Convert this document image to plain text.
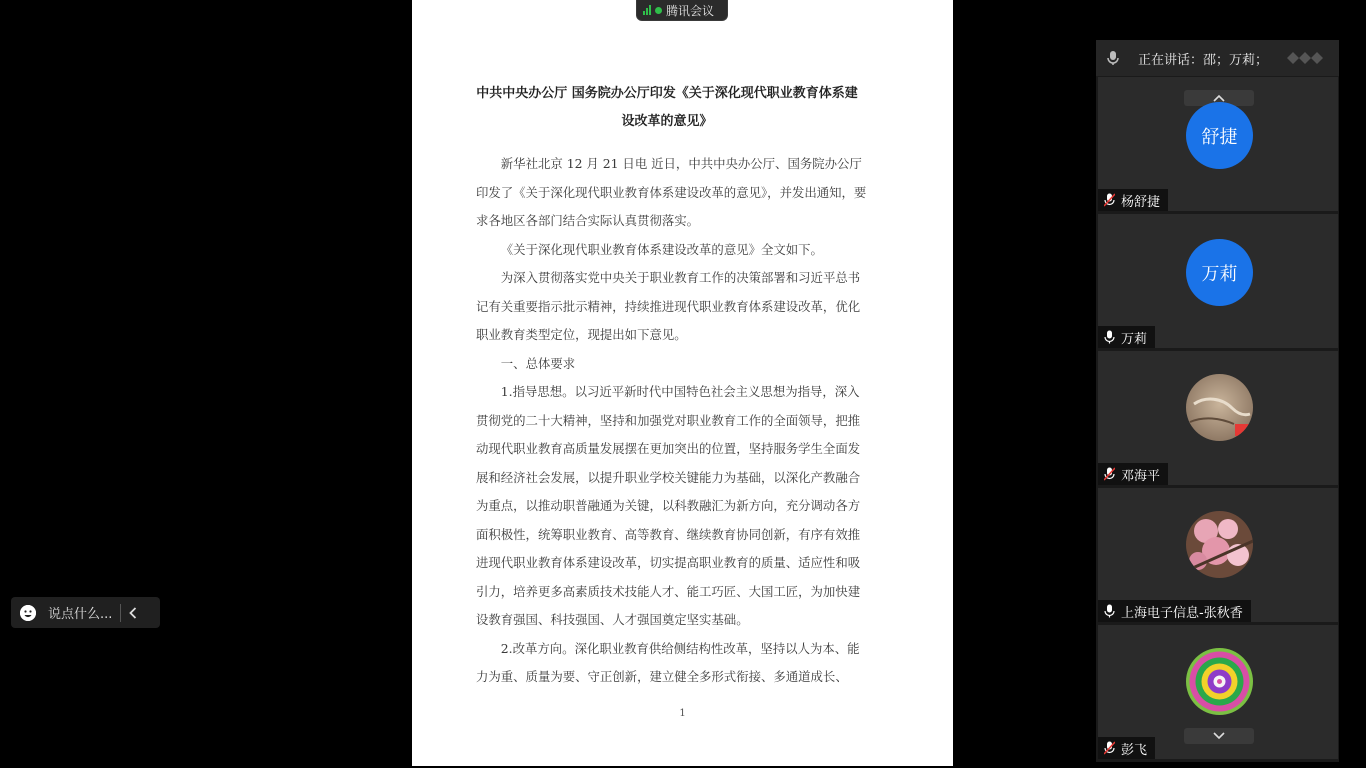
中共中央办公厅 国务院办公厅印发《关于深化现代职业教育体系建
设改革的意见》

新华社北京 12 月 21 日电 近日，中共中央办公厅、国务院办公厅印发了《关于深化现代职业教育体系建设改革的意见》，并发出通知，要求各地区各部门结合实际认真贯彻落实。

《关于深化现代职业教育体系建设改革的意见》全文如下。

为深入贯彻落实党中央关于职业教育工作的决策部署和习近平总书记有关重要指示批示精神，持续推进现代职业教育体系建设改革，优化职业教育类型定位，现提出如下意见。

一、总体要求

1.指导思想。以习近平新时代中国特色社会主义思想为指导，深入贯彻党的二十大精神，坚持和加强党对职业教育工作的全面领导，把推动现代职业教育高质量发展摆在更加突出的位置，坚持服务学生全面发展和经济社会发展，以提升职业学校关键能力为基础，以深化产教融合为重点，以推动职普融通为关键，以科教融汇为新方向，充分调动各方面积极性，统筹职业教育、高等教育、继续教育协同创新，有序有效推进现代职业教育体系建设改革，切实提高职业教育的质量、适应性和吸引力，培养更多高素质技术技能人才、能工巧匠、大国工匠，为加快建设教育强国、科技强国、人才强国奠定坚实基础。

2.改革方向。深化职业教育供给侧结构性改革，坚持以人为本、能力为重、质量为要、守正创新，建立健全多形式衔接、多通道成长、

1
腾讯会议
正在讲话：邵；万莉；
舒捷
杨舒捷
万莉
万莉
邓海平
上海电子信息-张秋香
彭飞
说点什么...
